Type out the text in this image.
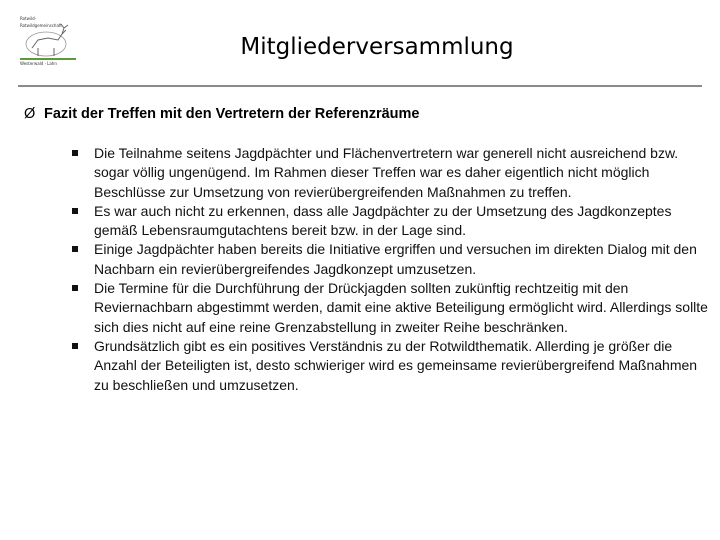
Rotwild-
Rotwildgemeinschaft
Westerwald · Lahn
Mitgliederversammlung
Ø Fazit der Treffen mit den Vertretern der Referenzräume
Die Teilnahme seitens Jagdpächter und Flächenvertretern war generell nicht ausreichend bzw. sogar völlig ungenügend. Im Rahmen dieser Treffen war es daher eigentlich nicht möglich Beschlüsse zur Umsetzung von revierübergreifenden Maßnahmen zu treffen.
Es war auch nicht zu erkennen, dass alle Jagdpächter zu der Umsetzung des Jagdkonzeptes gemäß Lebensraumgutachtens bereit bzw. in der Lage sind.
Einige Jagdpächter haben bereits die Initiative ergriffen und versuchen im direkten Dialog mit den Nachbarn ein revierübergreifendes Jagdkonzept umzusetzen.
Die Termine für die Durchführung der Drückjagden sollten zukünftig rechtzeitig mit den Reviernachbarn abgestimmt werden, damit eine aktive Beteiligung ermöglicht wird. Allerdings sollte sich dies nicht auf eine reine Grenzabstellung in zweiter Reihe beschränken.
Grundsätzlich gibt es ein positives Verständnis zu der Rotwildthematik. Allerding je größer die Anzahl der Beteiligten ist, desto schwieriger wird es gemeinsame revierübergreifend Maßnahmen zu beschließen und umzusetzen.
